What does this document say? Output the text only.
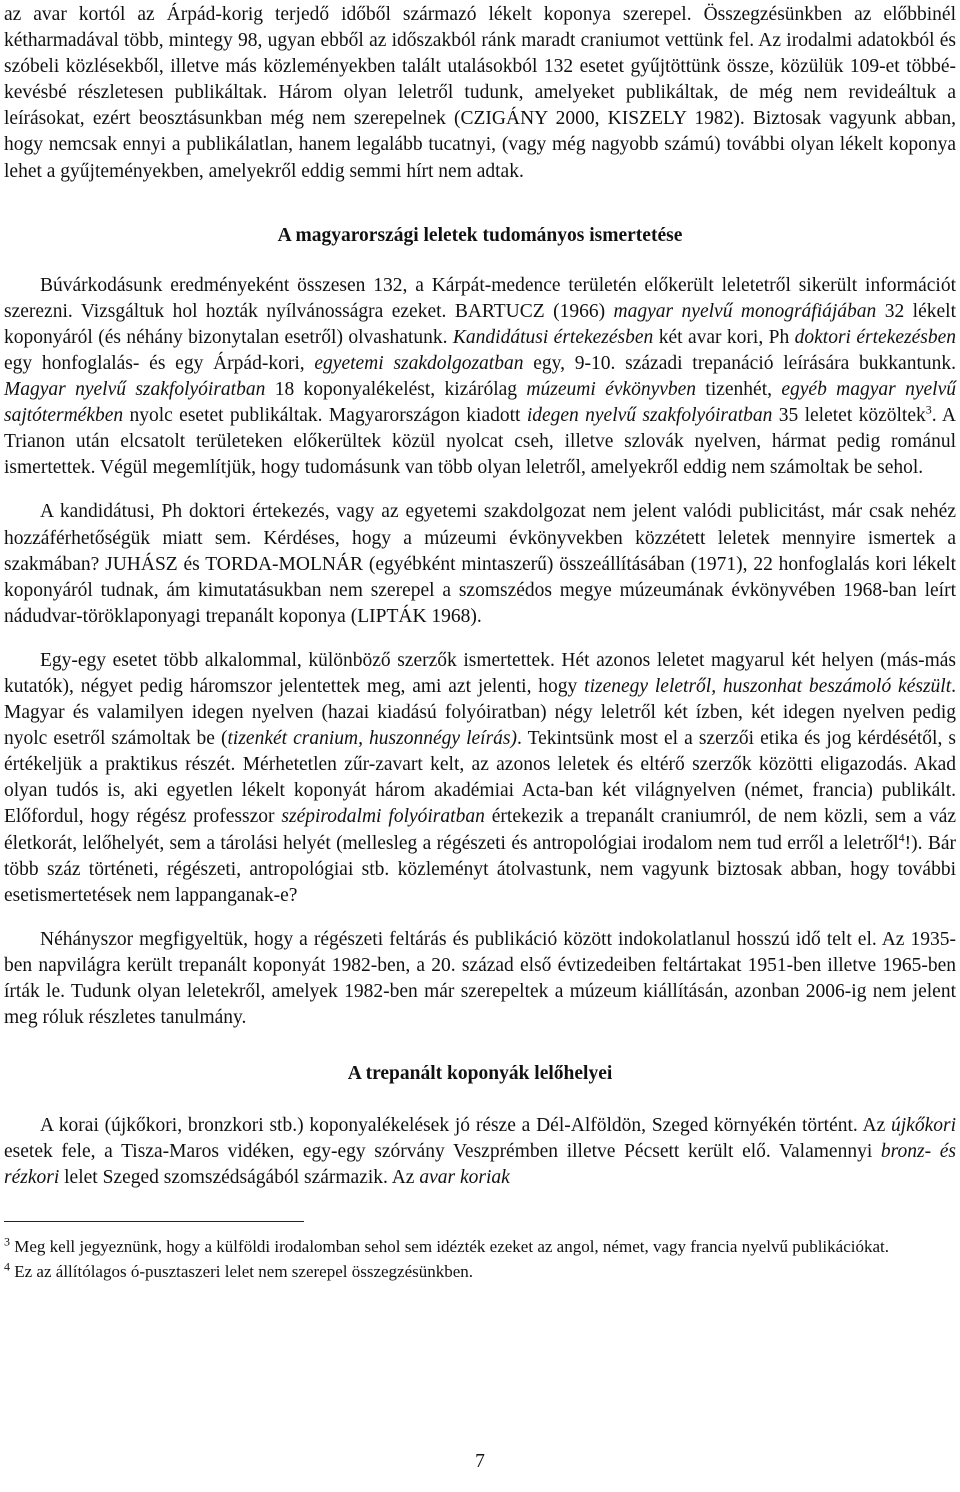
az avar kortól az Árpád-korig terjedő időből származó lékelt koponya szerepel. Összegzésünkben az előbbinél kétharmadával több, mintegy 98, ugyan ebből az időszakból ránk maradt craniumot vettünk fel. Az irodalmi adatokból és szóbeli közlésekből, illetve más közleményekben talált utalásokból 132 esetet gyűjtöttünk össze, közülük 109-et többé-kevésbé részletesen publikáltak. Három olyan leletről tudunk, amelyeket publikáltak, de még nem revideáltuk a leírásokat, ezért beosztásunkban még nem szerepelnek (CZIGÁNY 2000, KISZELY 1982). Biztosak vagyunk abban, hogy nemcsak ennyi a publikálatlan, hanem legalább tucatnyi, (vagy még nagyobb számú) további olyan lékelt koponya lehet a gyűjteményekben, amelyekről eddig semmi hírt nem adtak.

A magyarországi leletek tudományos ismertetése

Búvárkodásunk eredményeként összesen 132, a Kárpát-medence területén előkerült leletetről sikerült információt szerezni. Vizsgáltuk hol hozták nyílvánosságra ezeket. BARTUCZ (1966) magyar nyelvű monográfiájában 32 lékelt koponyáról (és néhány bizonytalan esetről) olvashatunk. Kandidátusi értekezésben két avar kori, Ph doktori értekezésben egy honfoglalás- és egy Árpád-kori, egyetemi szakdolgozatban egy, 9-10. századi trepanáció leírására bukkantunk. Magyar nyelvű szakfolyóiratban 18 koponyalékelést, kizárólag múzeumi évkönyvben tizenhét, egyéb magyar nyelvű sajtótermékben nyolc esetet publikáltak. Magyarországon kiadott idegen nyelvű szakfolyóiratban 35 leletet közöltek$^3$. A Trianon után elcsatolt területeken előkerültek közül nyolcat cseh, illetve szlovák nyelven, hármat pedig románul ismertettek. Végül megemlítjük, hogy tudomásunk van több olyan leletről, amelyekről eddig nem számoltak be sehol.

A kandidátusi, Ph doktori értekezés, vagy az egyetemi szakdolgozat nem jelent valódi publicitást, már csak nehéz hozzáférhetőségük miatt sem. Kérdéses, hogy a múzeumi évkönyvekben közzétett leletek mennyire ismertek a szakmában? JUHÁSZ és TORDA-MOLNÁR (egyébként mintaszerű) összeállításában (1971), 22 honfoglalás kori lékelt koponyáról tudnak, ám kimutatásukban nem szerepel a szomszédos megye múzeumának évkönyvében 1968-ban leírt nádudvar-töröklaponyagi trepanált koponya (LIPTÁK 1968).

Egy-egy esetet több alkalommal, különböző szerzők ismertettek. Hét azonos leletet magyarul két helyen (más-más kutatók), négyet pedig háromszor jelentettek meg, ami azt jelenti, hogy tizenegy leletről, huszonhat beszámoló készült. Magyar és valamilyen idegen nyelven (hazai kiadású folyóiratban) négy leletről két ízben, két idegen nyelven pedig nyolc esetről számoltak be (tizenkét cranium, huszonnégy leírás). Tekintsünk most el a szerzői etika és jog kérdésétől, s értékeljük a praktikus részét. Mérhetetlen zűr-zavart kelt, az azonos leletek és eltérő szerzők közötti eligazodás. Akad olyan tudós is, aki egyetlen lékelt koponyát három akadémiai Acta-ban két világnyelven (német, francia) publikált. Előfordul, hogy régész professzor szépirodalmi folyóiratban értekezik a trepanált craniumról, de nem közli, sem a váz életkorát, lelőhelyét, sem a tárolási helyét (mellesleg a régészeti és antropológiai irodalom nem tud erről a leletről$^4$!). Bár több száz történeti, régészeti, antropológiai stb. közleményt átolvastunk, nem vagyunk biztosak abban, hogy további esetismertetések nem lappanganak-e?

Néhányszor megfigyeltük, hogy a régészeti feltárás és publikáció között indokolatlanul hosszú idő telt el. Az 1935-ben napvilágra került trepanált koponyát 1982-ben, a 20. század első évtizedeiben feltártakat 1951-ben illetve 1965-ben írták le. Tudunk olyan leletekről, amelyek 1982-ben már szerepeltek a múzeum kiállításán, azonban 2006-ig nem jelent meg róluk részletes tanulmány.

A trepanált koponyák lelőhelyei

A korai (újkőkori, bronzkori stb.) koponyalékelések jó része a Dél-Alföldön, Szeged környékén történt. Az újkőkori esetek fele, a Tisza-Maros vidéken, egy-egy szórvány Veszprémben illetve Pécsett került elő. Valamennyi bronz- és rézkori lelet Szeged szomszédságából származik. Az avar koriak

$^3$ Meg kell jegyeznünk, hogy a külföldi irodalomban sehol sem idézték ezeket az angol, német, vagy francia nyelvű publikációkat.
$^4$ Ez az állítólagos ó-pusztaszeri lelet nem szerepel összegzésünkben.
7
